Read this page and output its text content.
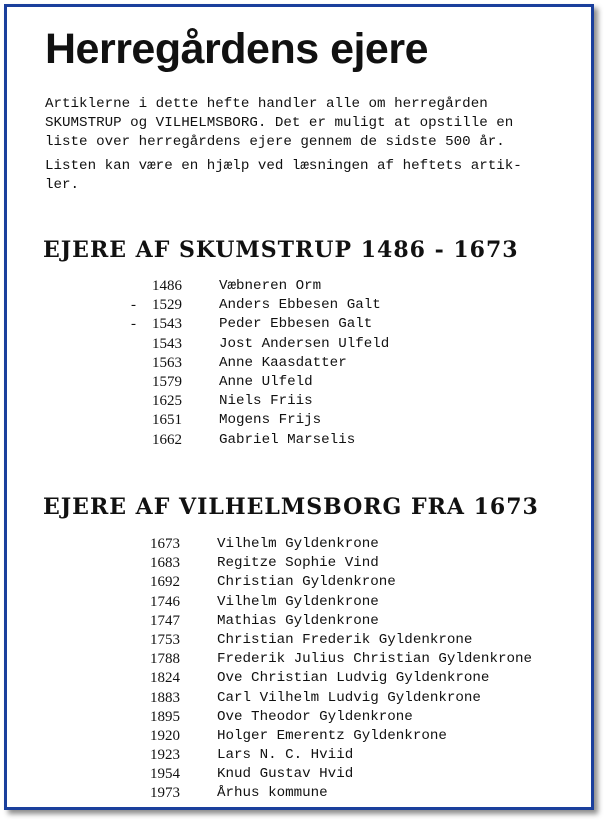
Herregårdens ejere

Artiklerne i dette hefte handler alle om herregården
SKUMSTRUP og VILHELMSBORG. Det er muligt at opstille en
liste over herregårdens ejere gennem de sidste 500 år.

Listen kan være en hjælp ved læsningen af heftets artik-
ler.

EJERE AF SKUMSTRUP 1486 - 1673
1486	Væbneren Orm
- 1529	Anders Ebbesen Galt
- 1543	Peder Ebbesen Galt
1543	Jost Andersen Ulfeld
1563	Anne Kaasdatter
1579	Anne Ulfeld
1625	Niels Friis
1651	Mogens Frijs
1662	Gabriel Marselis
EJERE AF VILHELMSBORG FRA 1673
1673	Vilhelm Gyldenkrone
1683	Regitze Sophie Vind
1692	Christian Gyldenkrone
1746	Vilhelm Gyldenkrone
1747	Mathias Gyldenkrone
1753	Christian Frederik Gyldenkrone
1788	Frederik Julius Christian Gyldenkrone
1824	Ove Christian Ludvig Gyldenkrone
1883	Carl Vilhelm Ludvig Gyldenkrone
1895	Ove Theodor Gyldenkrone
1920	Holger Emerentz Gyldenkrone
1923	Lars N. C. Hviid
1954	Knud Gustav Hvid
1973	Århus kommune
